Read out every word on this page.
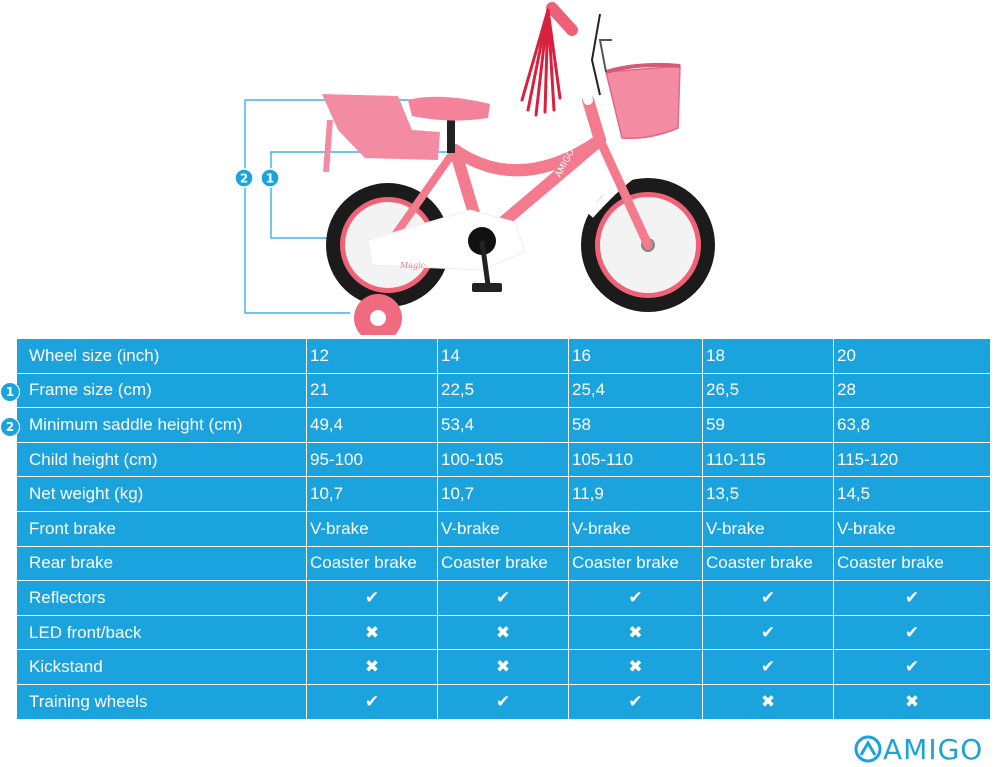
2 1
Magic
AMIGO
Wheel size (inch)	12	14	16	18	20
Frame size (cm)	21	22,5	25,4	26,5	28
Minimum saddle height (cm)	49,4	53,4	58	59	63,8
Child height (cm)	95-100	100-105	105-110	110-115	115-120
Net weight (kg)	10,7	10,7	11,9	13,5	14,5
Front brake	V-brake	V-brake	V-brake	V-brake	V-brake
Rear brake	Coaster brake	Coaster brake	Coaster brake	Coaster brake	Coaster brake
Reflectors	✔	✔	✔	✔	✔
LED front/back	✖	✖	✖	✔	✔
Kickstand	✖	✖	✖	✔	✔
Training wheels	✔	✔	✔	✖	✖
1
2
AMIGO
